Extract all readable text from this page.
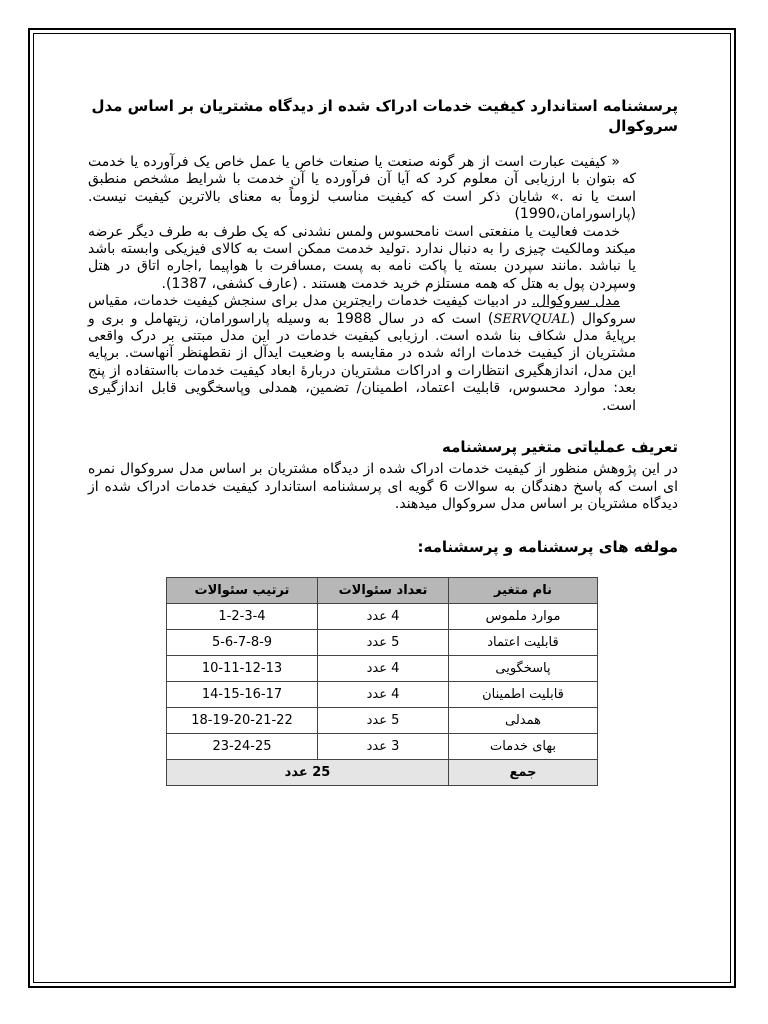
پرسشنامه استاندارد کیفیت خدمات ادراک شده از دیدگاه مشتریان بر اساس مدل سروکوال

« کیفیت عبارت است از هر گونه صنعت یا صنعات خاص یا عمل خاص یک فرآورده یا خدمت که بتوان با ارزیابی آن معلوم کرد که آیا آن فرآورده یا آن خدمت با شرایط مشخص منطبق است یا نه .» شایان ذکر است که کیفیت مناسب لزوماً به معنای بالاترین کیفیت نیست. (پاراسورامان،1990)

خدمت فعالیت یا منفعتی است نامحسوس ولمس نشدنی که یک طرف به طرف دیگر عرضه میکند ومالکیت چیزی را به دنبال ندارد .تولید خدمت ممکن است به کالای فیزیکی وابسته باشد یا نباشد .مانند سپردن بسته یا پاکت نامه به پست ,مسافرت با هواپیما ,اجاره اتاق در هتل وسپردن پول به هتل که همه مستلزم خرید خدمت هستند . (عارف کشفی، 1387).

مدل سروکوال. در ادبیات کیفیت خدمات رایجترین مدل برای سنجش کیفیت خدمات، مقیاس سروکوال (SERVQUAL) است که در سال 1988 به وسیله پاراسورامان، زیتهامل و بری و برپایۀ مدل شکاف بنا شده است. ارزیابی کیفیت خدمات در این مدل مبتنی بر درک واقعی مشتریان از کیفیت خدمات ارائه شده در مقایسه با وضعیت ایدآل از نقطهنظر آنهاست. برپایه این مدل، اندازهگیری انتظارات و ادراکات مشتریان دربارۀ ابعاد کیفیت خدمات بااستفاده از پنج بعد: موارد محسوس، قابلیت اعتماد، اطمینان/ تضمین، همدلی وپاسخگویی قابل اندازگیری است.

تعریف عملیاتی متغیر پرسشنامه

در این پژوهش منظور از کیفیت خدمات ادراک شده از دیدگاه مشتریان بر اساس مدل سروکوال نمره ای است که پاسخ دهندگان به سوالات 6 گویه ای پرسشنامه استاندارد کیفیت خدمات ادراک شده از دیدگاه مشتریان بر اساس مدل سروکوال میدهند.

مولفه های پرسشنامه و پرسشنامه:
نام متغیر	تعداد سئوالات	ترتیب سئوالات
موارد ملموس	4 عدد	1-2-3-4
قابلیت اعتماد	5 عدد	5-6-7-8-9
پاسخگویی	4 عدد	10-11-12-13
قابلیت اطمینان	4 عدد	14-15-16-17
همدلی	5 عدد	18-19-20-21-22
بهای خدمات	3 عدد	23-24-25
جمع	25 عدد	
